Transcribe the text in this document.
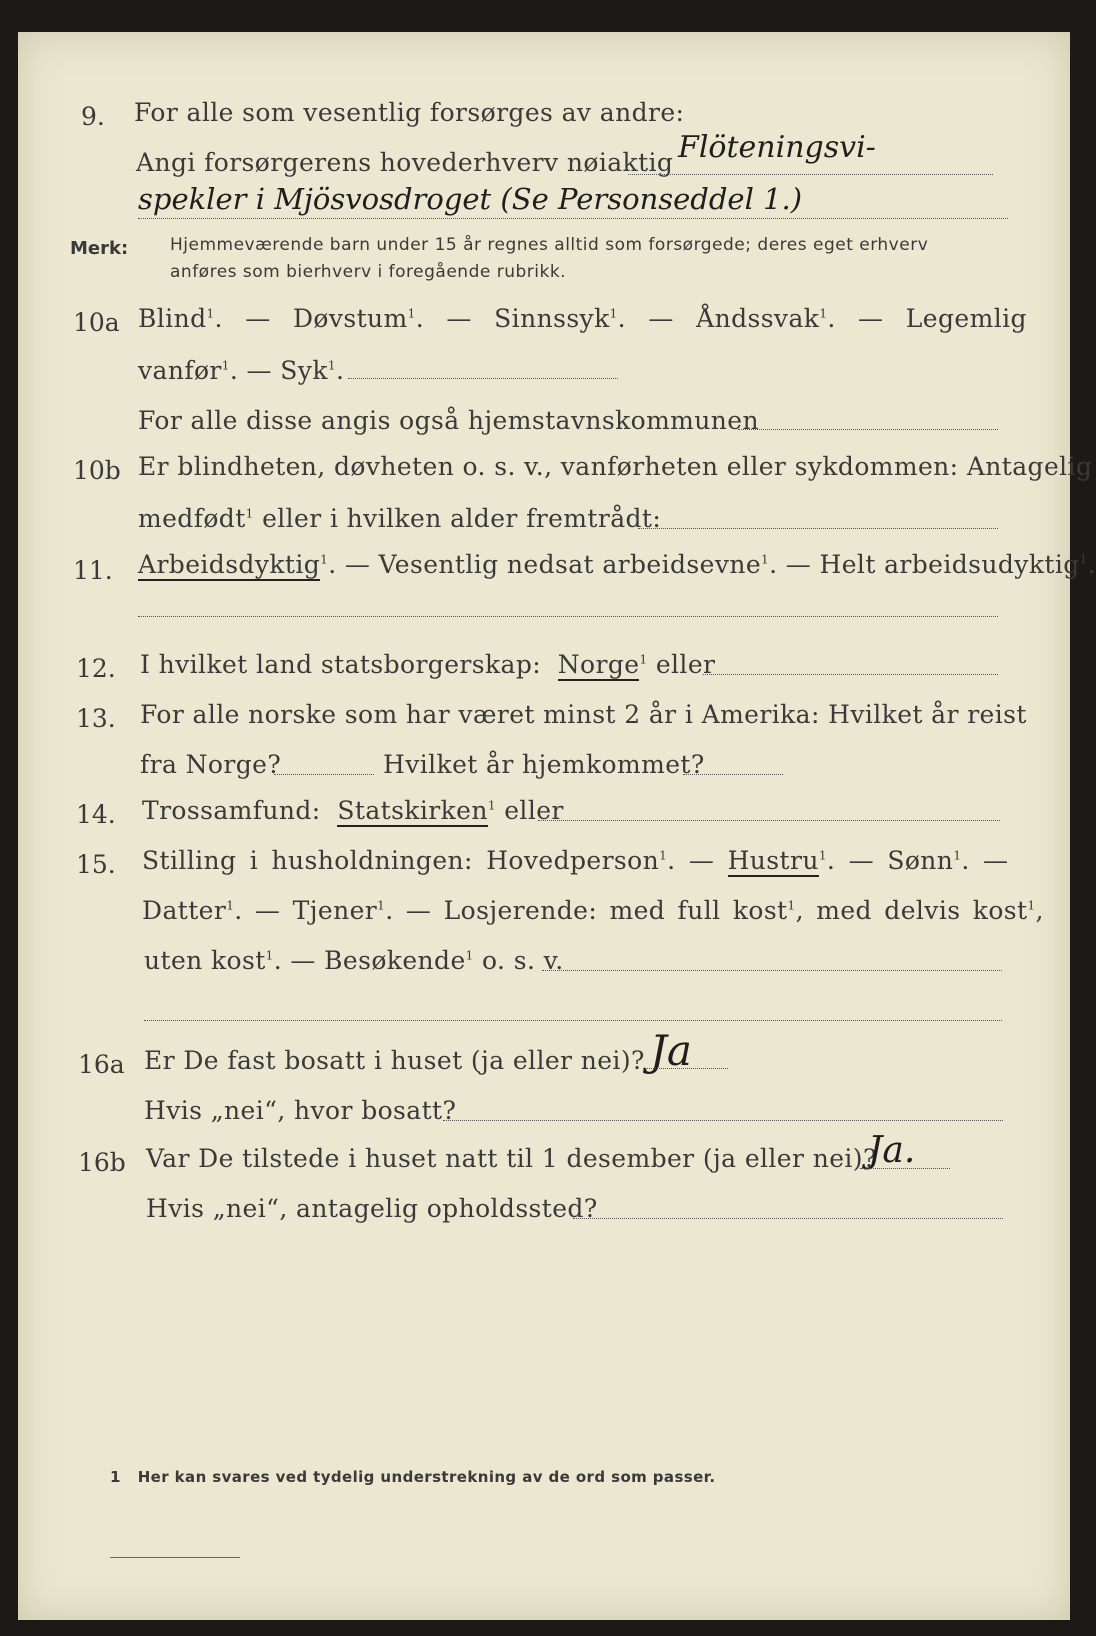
9. For alle som vesentlig forsørges av andre:
Angi forsørgerens hovederhverv nøiaktig Flöteningsvi-
spekler i Mjösvosdroget (Se Personseddel 1.)
Merk: Hjemmeværende barn under 15 år regnes alltid som forsørgede; deres eget erhverv
anføres som bierhverv i foregående rubrikk.
10a Blind$^1$. — Døvstum$^1$. — Sinnssyk$^1$. — Åndssvak$^1$. — Legemlig
vanfør$^1$. — Syk$^1$.
For alle disse angis også hjemstavnskommunen
10b Er blindheten, døvheten o. s. v., vanførheten eller sykdommen: Antagelig
medfødt$^1$ eller i hvilken alder fremtrådt:
11. Arbeidsdyktig$^1$. — Vesentlig nedsat arbeidsevne$^1$. — Helt arbeidsudyktig$^1$.
12. I hvilket land statsborgerskap: Norge$^1$ eller
13. For alle norske som har været minst 2 år i Amerika: Hvilket år reist
fra Norge?	Hvilket år hjemkommet?
14. Trossamfund: Statskirken$^1$ eller
15. Stilling i husholdningen: Hovedperson$^1$. — Hustru$^1$. — Sønn$^1$. —
Datter$^1$. — Tjener$^1$. — Losjerende: med full kost$^1$, med delvis kost$^1$,
uten kost$^1$. — Besøkende$^1$ o. s. v.
16a Er De fast bosatt i huset (ja eller nei)? Ja
Hvis „nei“, hvor bosatt?
16b Var De tilstede i huset natt til 1 desember (ja eller nei)?
Ja.
Hvis „nei“, antagelig opholdssted?
1 Her kan svares ved tydelig understrekning av de ord som passer.
